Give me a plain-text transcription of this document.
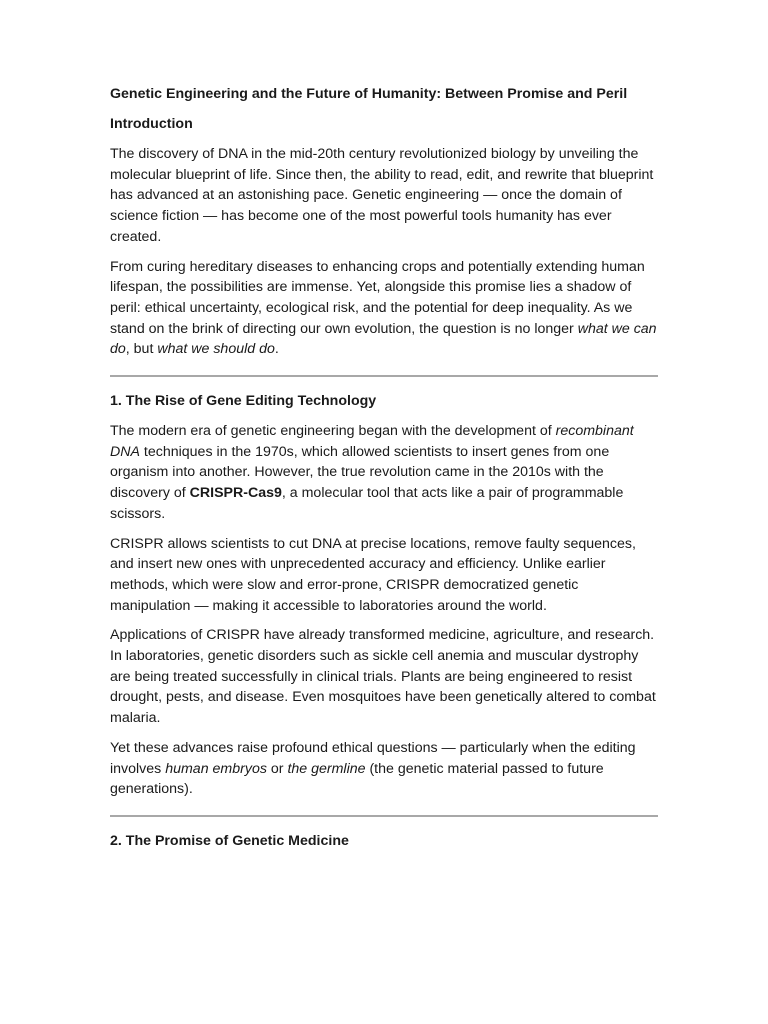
Genetic Engineering and the Future of Humanity: Between Promise and Peril
Introduction

The discovery of DNA in the mid-20th century revolutionized biology by unveiling the molecular blueprint of life. Since then, the ability to read, edit, and rewrite that blueprint has advanced at an astonishing pace. Genetic engineering — once the domain of science fiction — has become one of the most powerful tools humanity has ever created.

From curing hereditary diseases to enhancing crops and potentially extending human lifespan, the possibilities are immense. Yet, alongside this promise lies a shadow of peril: ethical uncertainty, ecological risk, and the potential for deep inequality. As we stand on the brink of directing our own evolution, the question is no longer what we can do, but what we should do.

1. The Rise of Gene Editing Technology

The modern era of genetic engineering began with the development of recombinant DNA techniques in the 1970s, which allowed scientists to insert genes from one organism into another. However, the true revolution came in the 2010s with the discovery of CRISPR-Cas9, a molecular tool that acts like a pair of programmable scissors.

CRISPR allows scientists to cut DNA at precise locations, remove faulty sequences, and insert new ones with unprecedented accuracy and efficiency. Unlike earlier methods, which were slow and error-prone, CRISPR democratized genetic manipulation — making it accessible to laboratories around the world.

Applications of CRISPR have already transformed medicine, agriculture, and research. In laboratories, genetic disorders such as sickle cell anemia and muscular dystrophy are being treated successfully in clinical trials. Plants are being engineered to resist drought, pests, and disease. Even mosquitoes have been genetically altered to combat malaria.

Yet these advances raise profound ethical questions — particularly when the editing involves human embryos or the germline (the genetic material passed to future generations).

2. The Promise of Genetic Medicine
